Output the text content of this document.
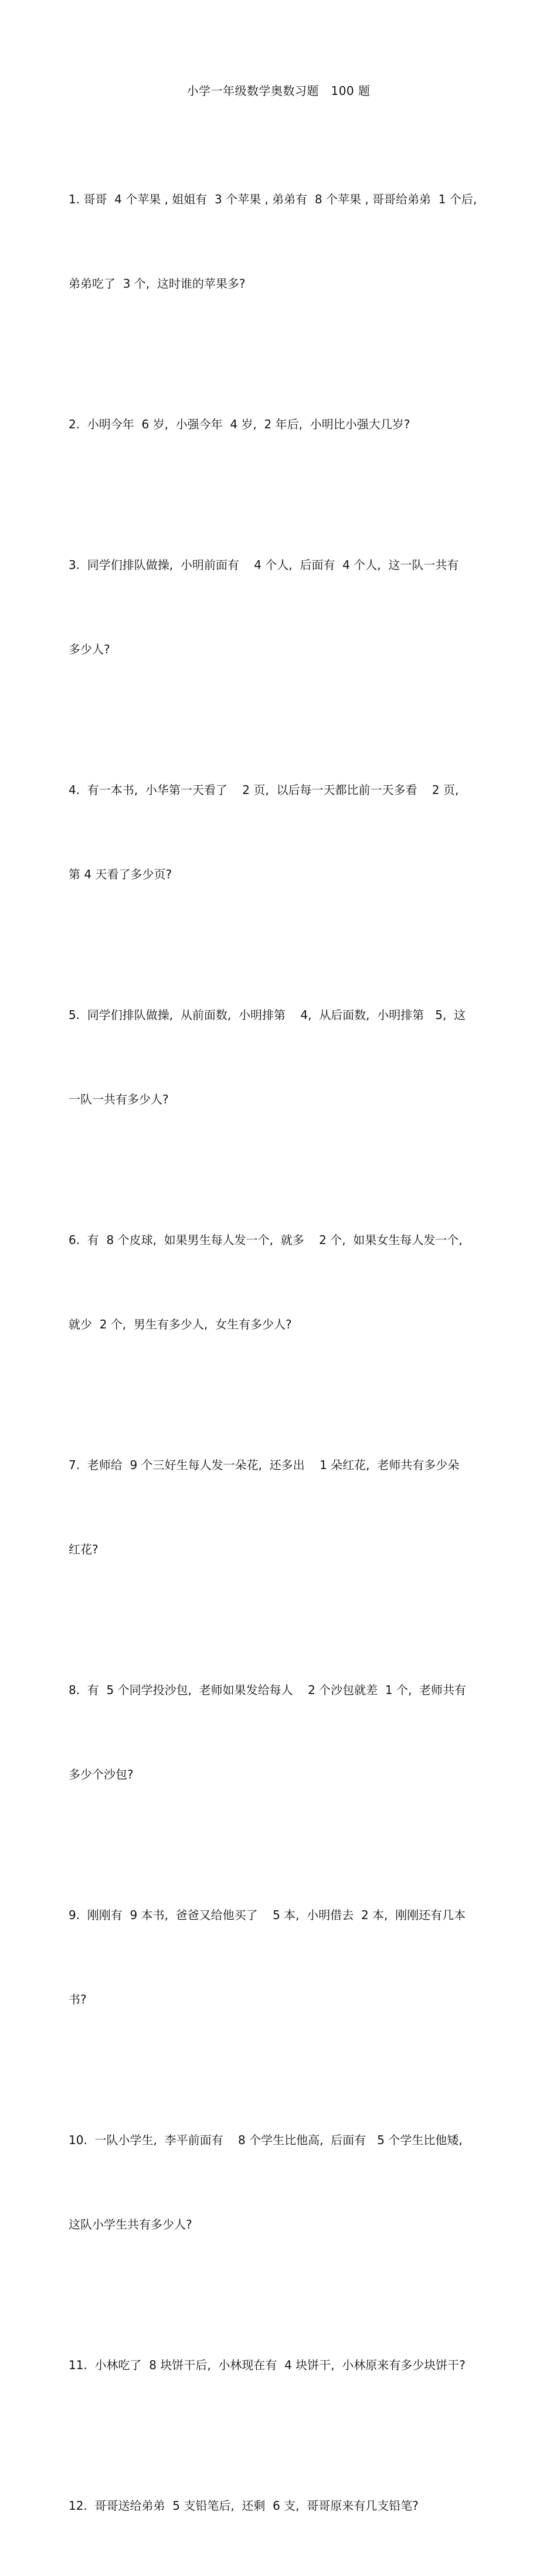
小学一年级数学奥数习题　100 题

1. 哥哥  4 个苹果 , 姐姐有  3 个苹果 , 弟弟有  8 个苹果 , 哥哥给弟弟  1 个后,

弟弟吃了  3 个,  这时谁的苹果多?

2.  小明今年  6 岁,  小强今年  4 岁,  2 年后,  小明比小强大几岁?

3.  同学们排队做操,  小明前面有    4 个人,  后面有  4 个人,  这一队一共有

多少人?

4.  有一本书,  小华第一天看了    2 页,  以后每一天都比前一天多看    2 页,

第 4 天看了多少页?

5.  同学们排队做操,  从前面数,  小明排第    4,  从后面数,  小明排第   5,  这

一队一共有多少人?

6.  有  8 个皮球,  如果男生每人发一个,  就多    2 个,  如果女生每人发一个,

就少  2 个,  男生有多少人,  女生有多少人?

7.  老师给  9 个三好生每人发一朵花,  还多出    1 朵红花,  老师共有多少朵

红花?

8.  有  5 个同学投沙包,  老师如果发给每人    2 个沙包就差  1 个,  老师共有

多少个沙包?

9.  刚刚有  9 本书,  爸爸又给他买了    5 本,  小明借去  2 本,  刚刚还有几本

书?

10.  一队小学生,  李平前面有    8 个学生比他高,  后面有   5 个学生比他矮,

这队小学生共有多少人?

11.  小林吃了  8 块饼干后,  小林现在有  4 块饼干,  小林原来有多少块饼干?

12.  哥哥送给弟弟  5 支铅笔后,  还剩  6 支,  哥哥原来有几支铅笔?
